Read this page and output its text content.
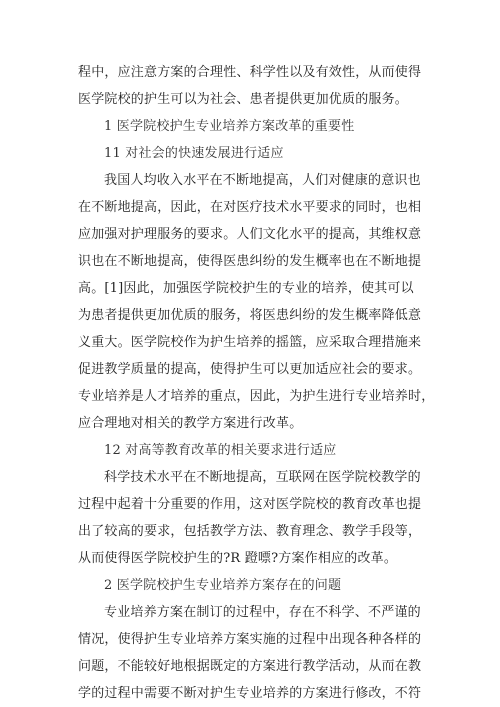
程中，应注意方案的合理性、科学性以及有效性，从而使得

医学院校的护生可以为社会、患者提供更加优质的服务。

1 医学院校护生专业培养方案改革的重要性

11 对社会的快速发展进行适应

我国人均收入水平在不断地提高，人们对健康的意识也

在不断地提高，因此，在对医疗技术水平要求的同时，也相

应加强对护理服务的要求。人们文化水平的提高，其维权意

识也在不断地提高，使得医患纠纷的发生概率也在不断地提

高。[1]因此，加强医学院校护生的专业的培养，使其可以

为患者提供更加优质的服务，将医患纠纷的发生概率降低意

义重大。医学院校作为护生培养的摇篮，应采取合理措施来

促进教学质量的提高，使得护生可以更加适应社会的要求。

专业培养是人才培养的重点，因此，为护生进行专业培养时，

应合理地对相关的教学方案进行改革。

12 对高等教育改革的相关要求进行适应

科学技术水平在不断地提高，互联网在医学院校教学的

过程中起着十分重要的作用，这对医学院校的教育改革也提

出了较高的要求，包括教学方法、教育理念、教学手段等，

从而使得医学院校护生的?R 蹬嘌?方案作相应的改革。

2 医学院校护生专业培养方案存在的问题

专业培养方案在制订的过程中，存在不科学、不严谨的

情况，使得护生专业培养方案实施的过程中出现各种各样的

问题，不能较好地根据既定的方案进行教学活动，从而在教

学的过程中需要不断对护生专业培养的方案进行修改，不符
